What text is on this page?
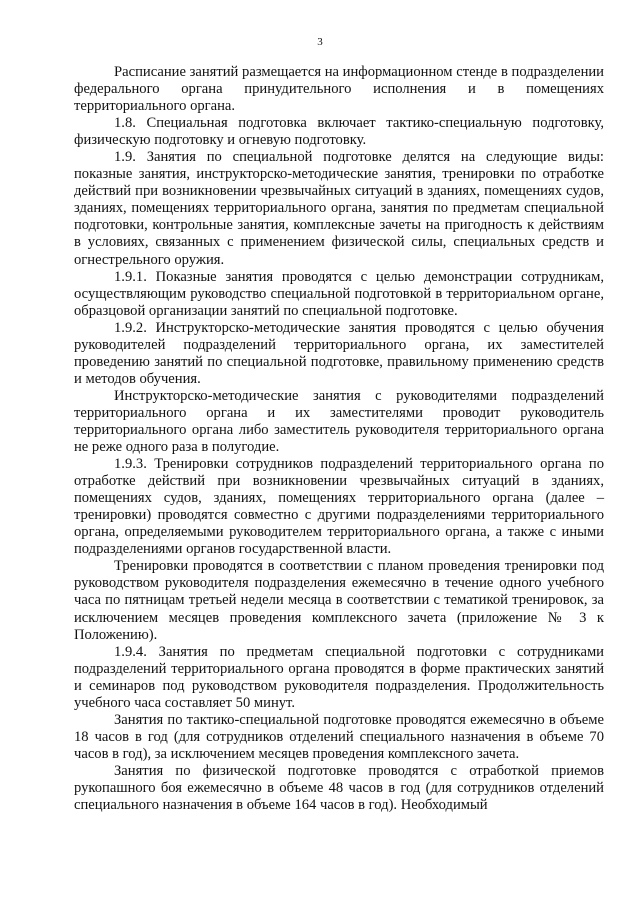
3

Расписание занятий размещается на информационном стенде в подразделении федерального органа принудительного исполнения и в помещениях территориального органа.

1.8. Специальная подготовка включает тактико-специальную подготовку, физическую подготовку и огневую подготовку.

1.9. Занятия по специальной подготовке делятся на следующие виды: показные занятия, инструкторско-методические занятия, тренировки по отработке действий при возникновении чрезвычайных ситуаций в зданиях, помещениях судов, зданиях, помещениях территориального органа, занятия по предметам специальной подготовки, контрольные занятия, комплексные зачеты на пригодность к действиям в условиях, связанных с применением физической силы, специальных средств и огнестрельного оружия.

1.9.1. Показные занятия проводятся с целью демонстрации сотрудникам, осуществляющим руководство специальной подготовкой в территориальном органе, образцовой организации занятий по специальной подготовке.

1.9.2. Инструкторско-методические занятия проводятся с целью обучения руководителей подразделений территориального органа, их заместителей проведению занятий по специальной подготовке, правильному применению средств и методов обучения.

Инструкторско-методические занятия с руководителями подразделений территориального органа и их заместителями проводит руководитель территориального органа либо заместитель руководителя территориального органа не реже одного раза в полугодие.

1.9.3. Тренировки сотрудников подразделений территориального органа по отработке действий при возникновении чрезвычайных ситуаций в зданиях, помещениях судов, зданиях, помещениях территориального органа (далее – тренировки) проводятся совместно с другими подразделениями территориального органа, определяемыми руководителем территориального органа, а также с иными подразделениями органов государственной власти.

Тренировки проводятся в соответствии с планом проведения тренировки под руководством руководителя подразделения ежемесячно в течение одного учебного часа по пятницам третьей недели месяца в соответствии с тематикой тренировок, за исключением месяцев проведения комплексного зачета (приложение № 3 к Положению).

1.9.4. Занятия по предметам специальной подготовки с сотрудниками подразделений территориального органа проводятся в форме практических занятий и семинаров под руководством руководителя подразделения. Продолжительность учебного часа составляет 50 минут.

Занятия по тактико-специальной подготовке проводятся ежемесячно в объеме 18 часов в год (для сотрудников отделений специального назначения в объеме 70 часов в год), за исключением месяцев проведения комплексного зачета.

Занятия по физической подготовке проводятся с отработкой приемов рукопашного боя ежемесячно в объеме 48 часов в год (для сотрудников отделений специального назначения в объеме 164 часов в год). Необходимый
